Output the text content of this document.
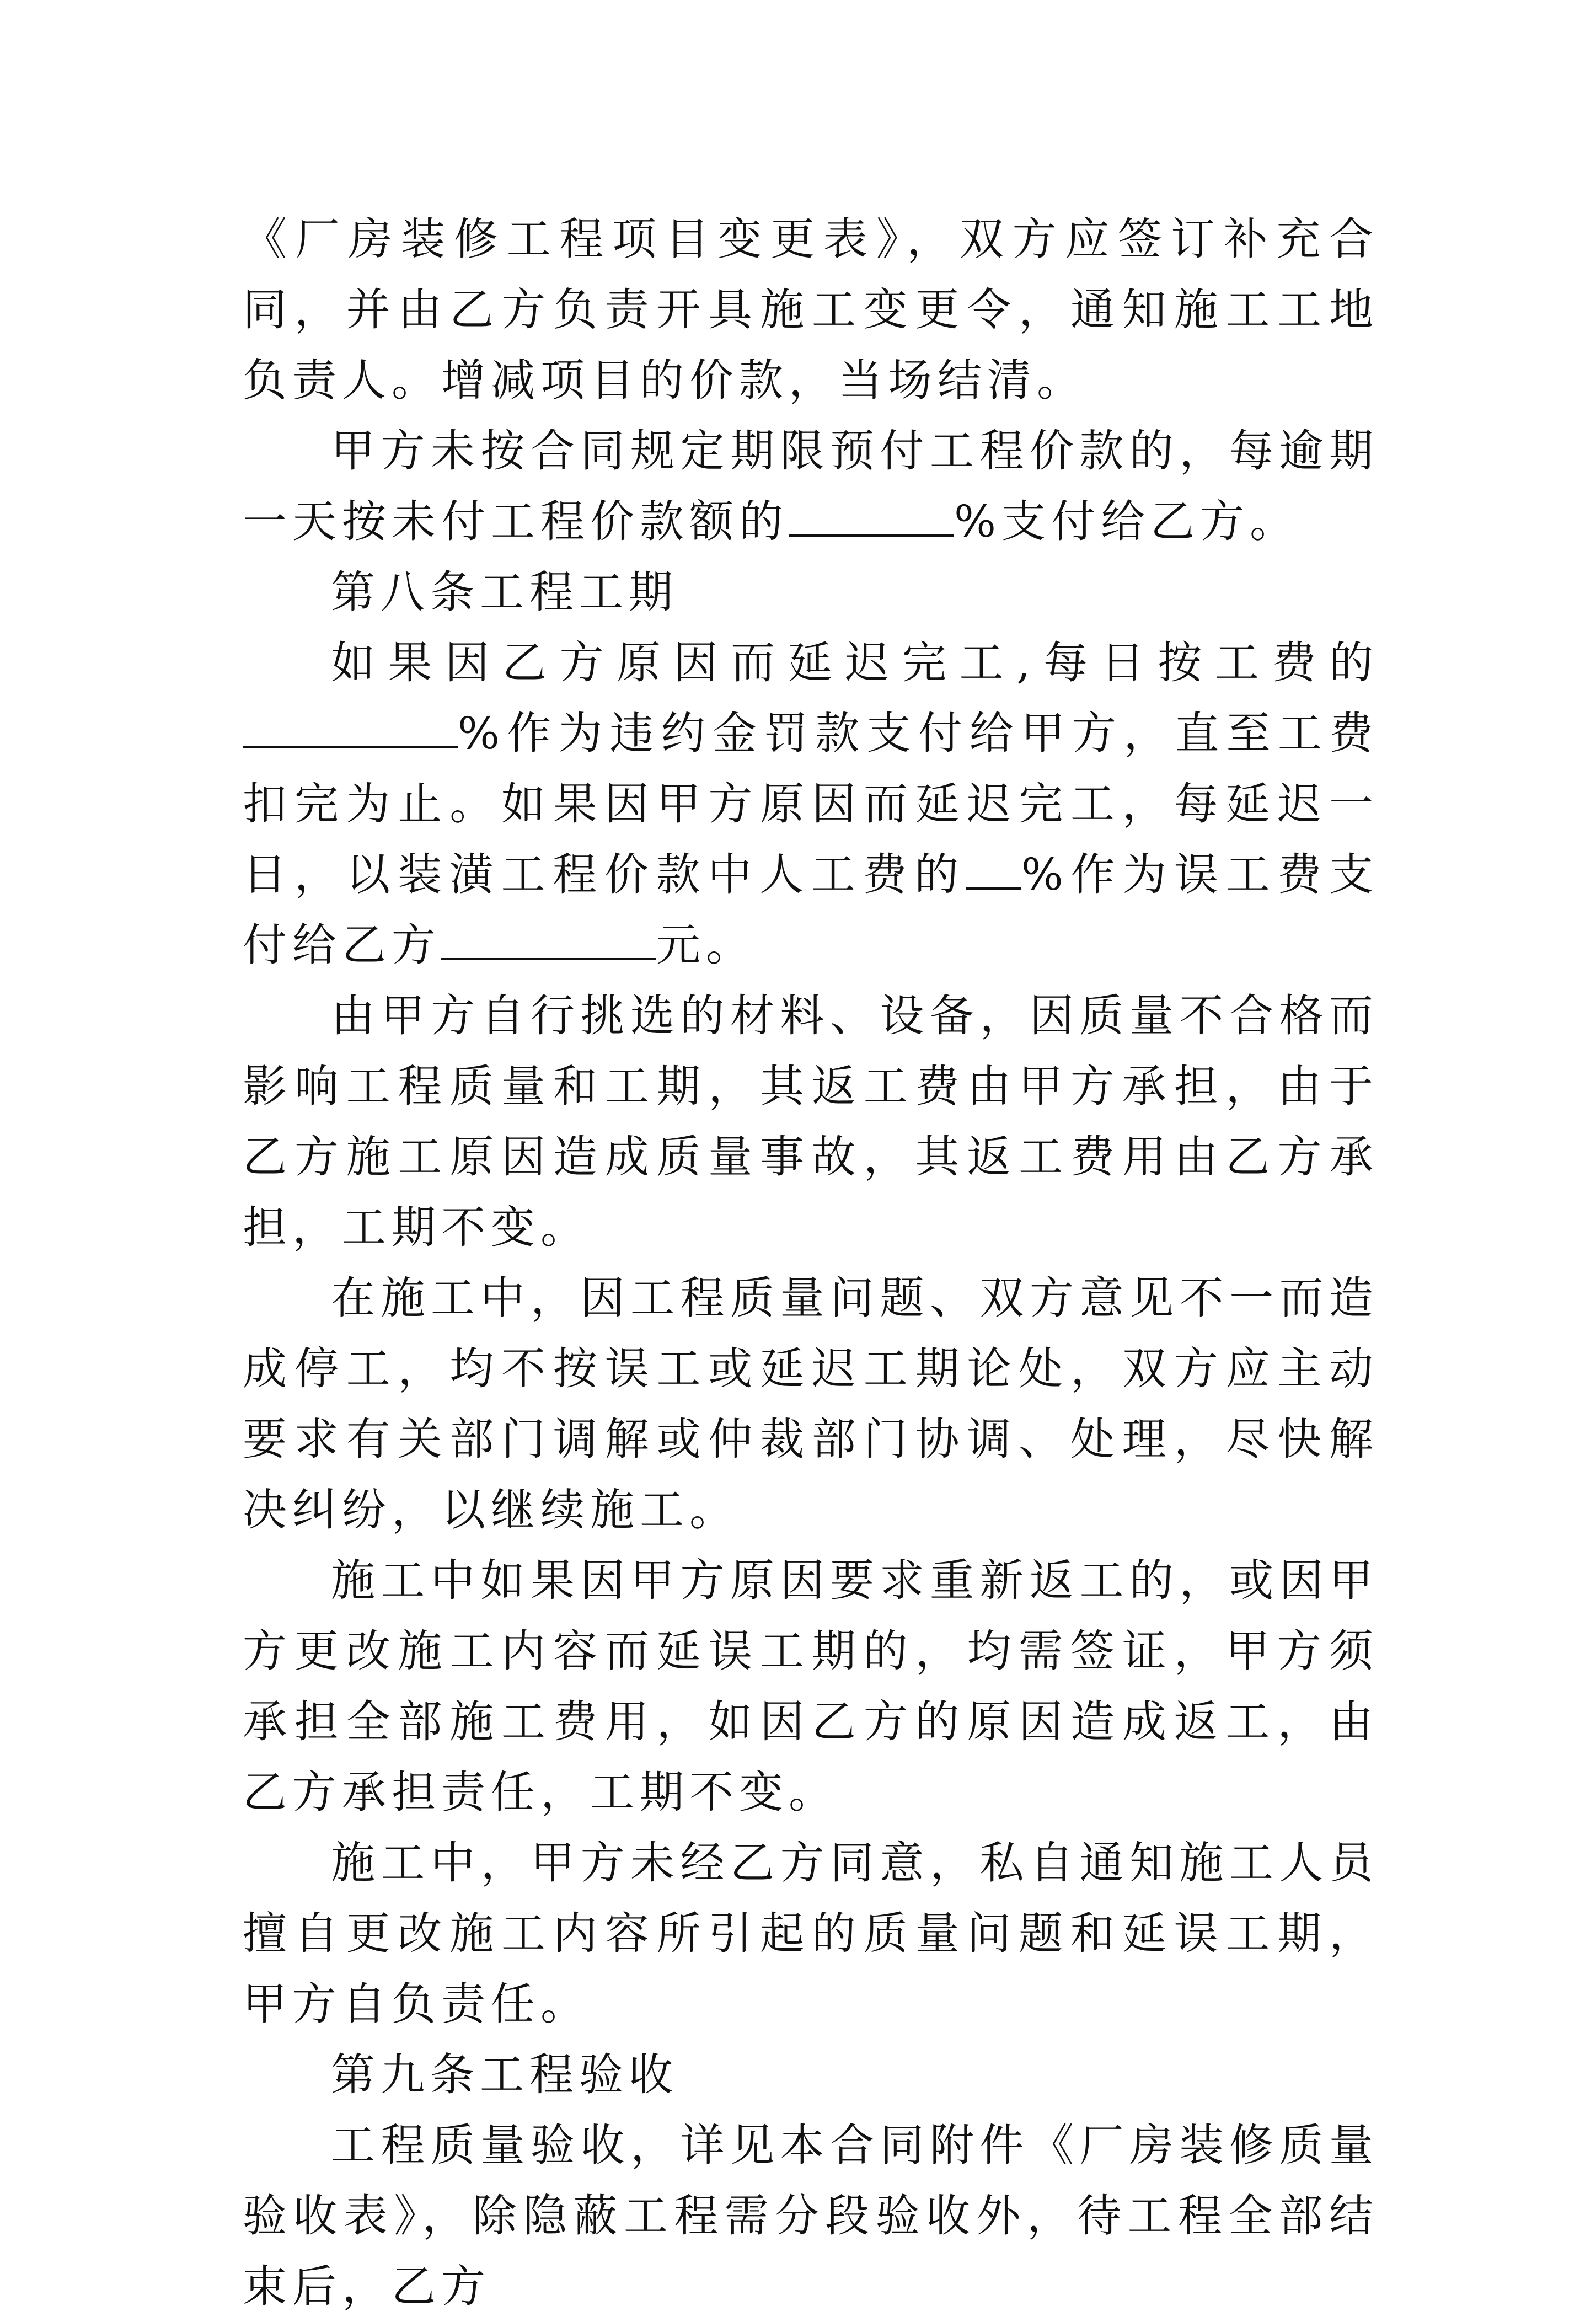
《厂房装修工程项目变更表》，双方应签订补充合同，并由乙方负责开具施工变更令，通知施工工地负责人。增减项目的价款，当场结清。

甲方未按合同规定期限预付工程价款的，每逾期一天按未付工程价款额的	%支付给乙方。

第八条工程工期

如果因乙方原因而延迟完工,每日按工费的%作为违约金罚款支付给甲方，直至工费扣完为止。如果因甲方原因而延迟完工，每延迟一日，以装潢工程价款中人工费的 %作为误工费支付给乙方	元。

由甲方自行挑选的材料、设备，因质量不合格而影响工程质量和工期，其返工费由甲方承担，由于乙方施工原因造成质量事故，其返工费用由乙方承担，工期不变。

在施工中，因工程质量问题、双方意见不一而造成停工，均不按误工或延迟工期论处，双方应主动要求有关部门调解或仲裁部门协调、处理，尽快解决纠纷，以继续施工。

施工中如果因甲方原因要求重新返工的，或因甲方更改施工内容而延误工期的，均需签证，甲方须承担全部施工费用，如因乙方的原因造成返工，由乙方承担责任，工期不变。

施工中，甲方未经乙方同意，私自通知施工人员擅自更改施工内容所引起的质量问题和延误工期，甲方自负责任。

第九条工程验收

工程质量验收，详见本合同附件《厂房装修质量验收表》，除隐蔽工程需分段验收外，待工程全部结束后，乙方
